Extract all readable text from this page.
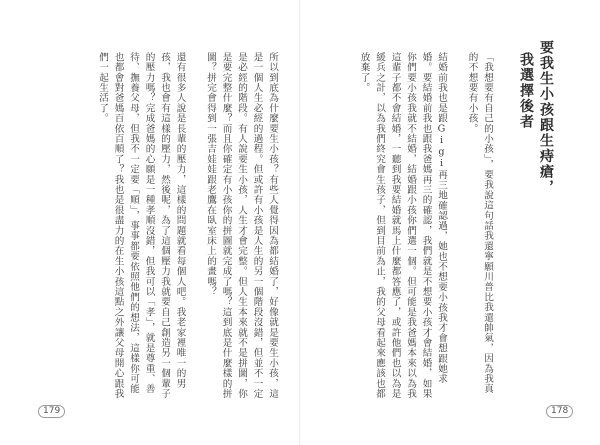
所以到底為什麼要生小孩？有些人覺得因為都結婚了，好像就是要生小孩，這是一個人生必經的過程。但或許有小孩是人生的另一個階段沒錯，但並不一定是必經的階段。有人說要生小孩，人生才會完整。但人生本來就不是拼圖，你是要完整什麼？而且你確定有小孩你的拼圖就完成了嗎？這到底是什麼樣的拼圖？拼完會得到一張吉娃娃跟老鷹在臥室床上的畫嗎？

還有很多人說是長輩的壓力，這樣的問題就看每個人吧。我老家裡唯一的男孩，我也會有這樣的壓力，然後呢，為了這個壓力我就要自己創造另一個輩子的壓力嗎？完成爸媽的心願是一種孝順沒錯，但我可以「孝」，就是尊重、善待、撫養父母，但我不一定要「順」，事事都要依照他們的想法，這樣你可能也都會對爸媽百依百順了？我也是很盡力的在生小孩這點之外讓父母開心跟我們一起生活了。

179

「我想要有自己的小孩」，要我說這句話我還寧願川普比我還帥氣，因為我真的不想要有小孩。

結婚前我也是跟Gigi再三地確認過，她也不想要小孩我才會想跟她求婚。要結婚前我也跟我爸媽再三的確認，我們就是不想要小孩才會結婚，如果你們要小孩我就不結婚，結婚跟小孩你們選一個。但可能是我爸媽本來以為我這輩子都不會結婚，一聽到我要結婚就馬上什麼都答應了，或許他們也以為是緩兵之計，以為我們終究會生孩子，但到目前為止，我的父母看起來應該也都放棄了。

178
要我生小孩跟生痔瘡，
我選擇後者
